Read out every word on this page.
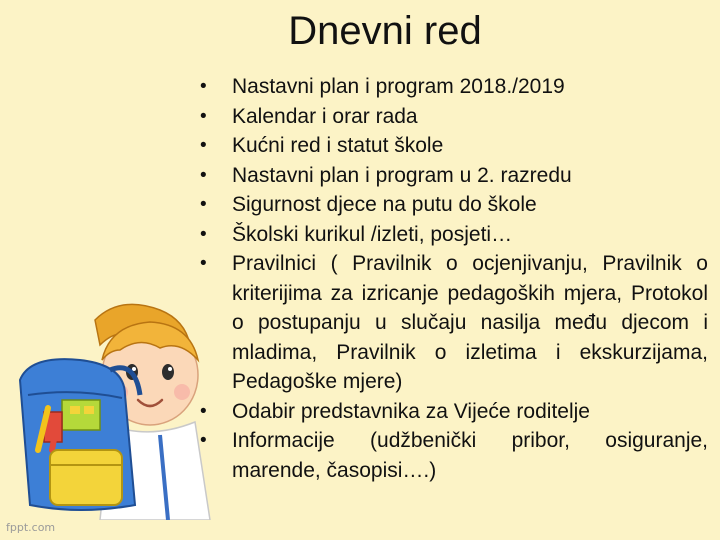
Dnevni red
• Nastavni plan i program 2018./2019
• Kalendar i orar rada
• Kućni red i statut škole
• Nastavni plan i program u 2. razredu
• Sigurnost djece na putu do škole
• Školski kurikul /izleti, posjeti…
• Pravilnici ( Pravilnik o ocjenjivanju, Pravilnik o kriterijima za izricanje pedagoških mjera, Protokol o postupanju u slučaju nasilja među djecom i mladima, Pravilnik o izletima i ekskurzijama, Pedagoške mjere)
• Odabir predstavnika za Vijeće roditelje
• Informacije (udžbenički pribor, osiguranje, marende, časopisi….)
fppt.com
